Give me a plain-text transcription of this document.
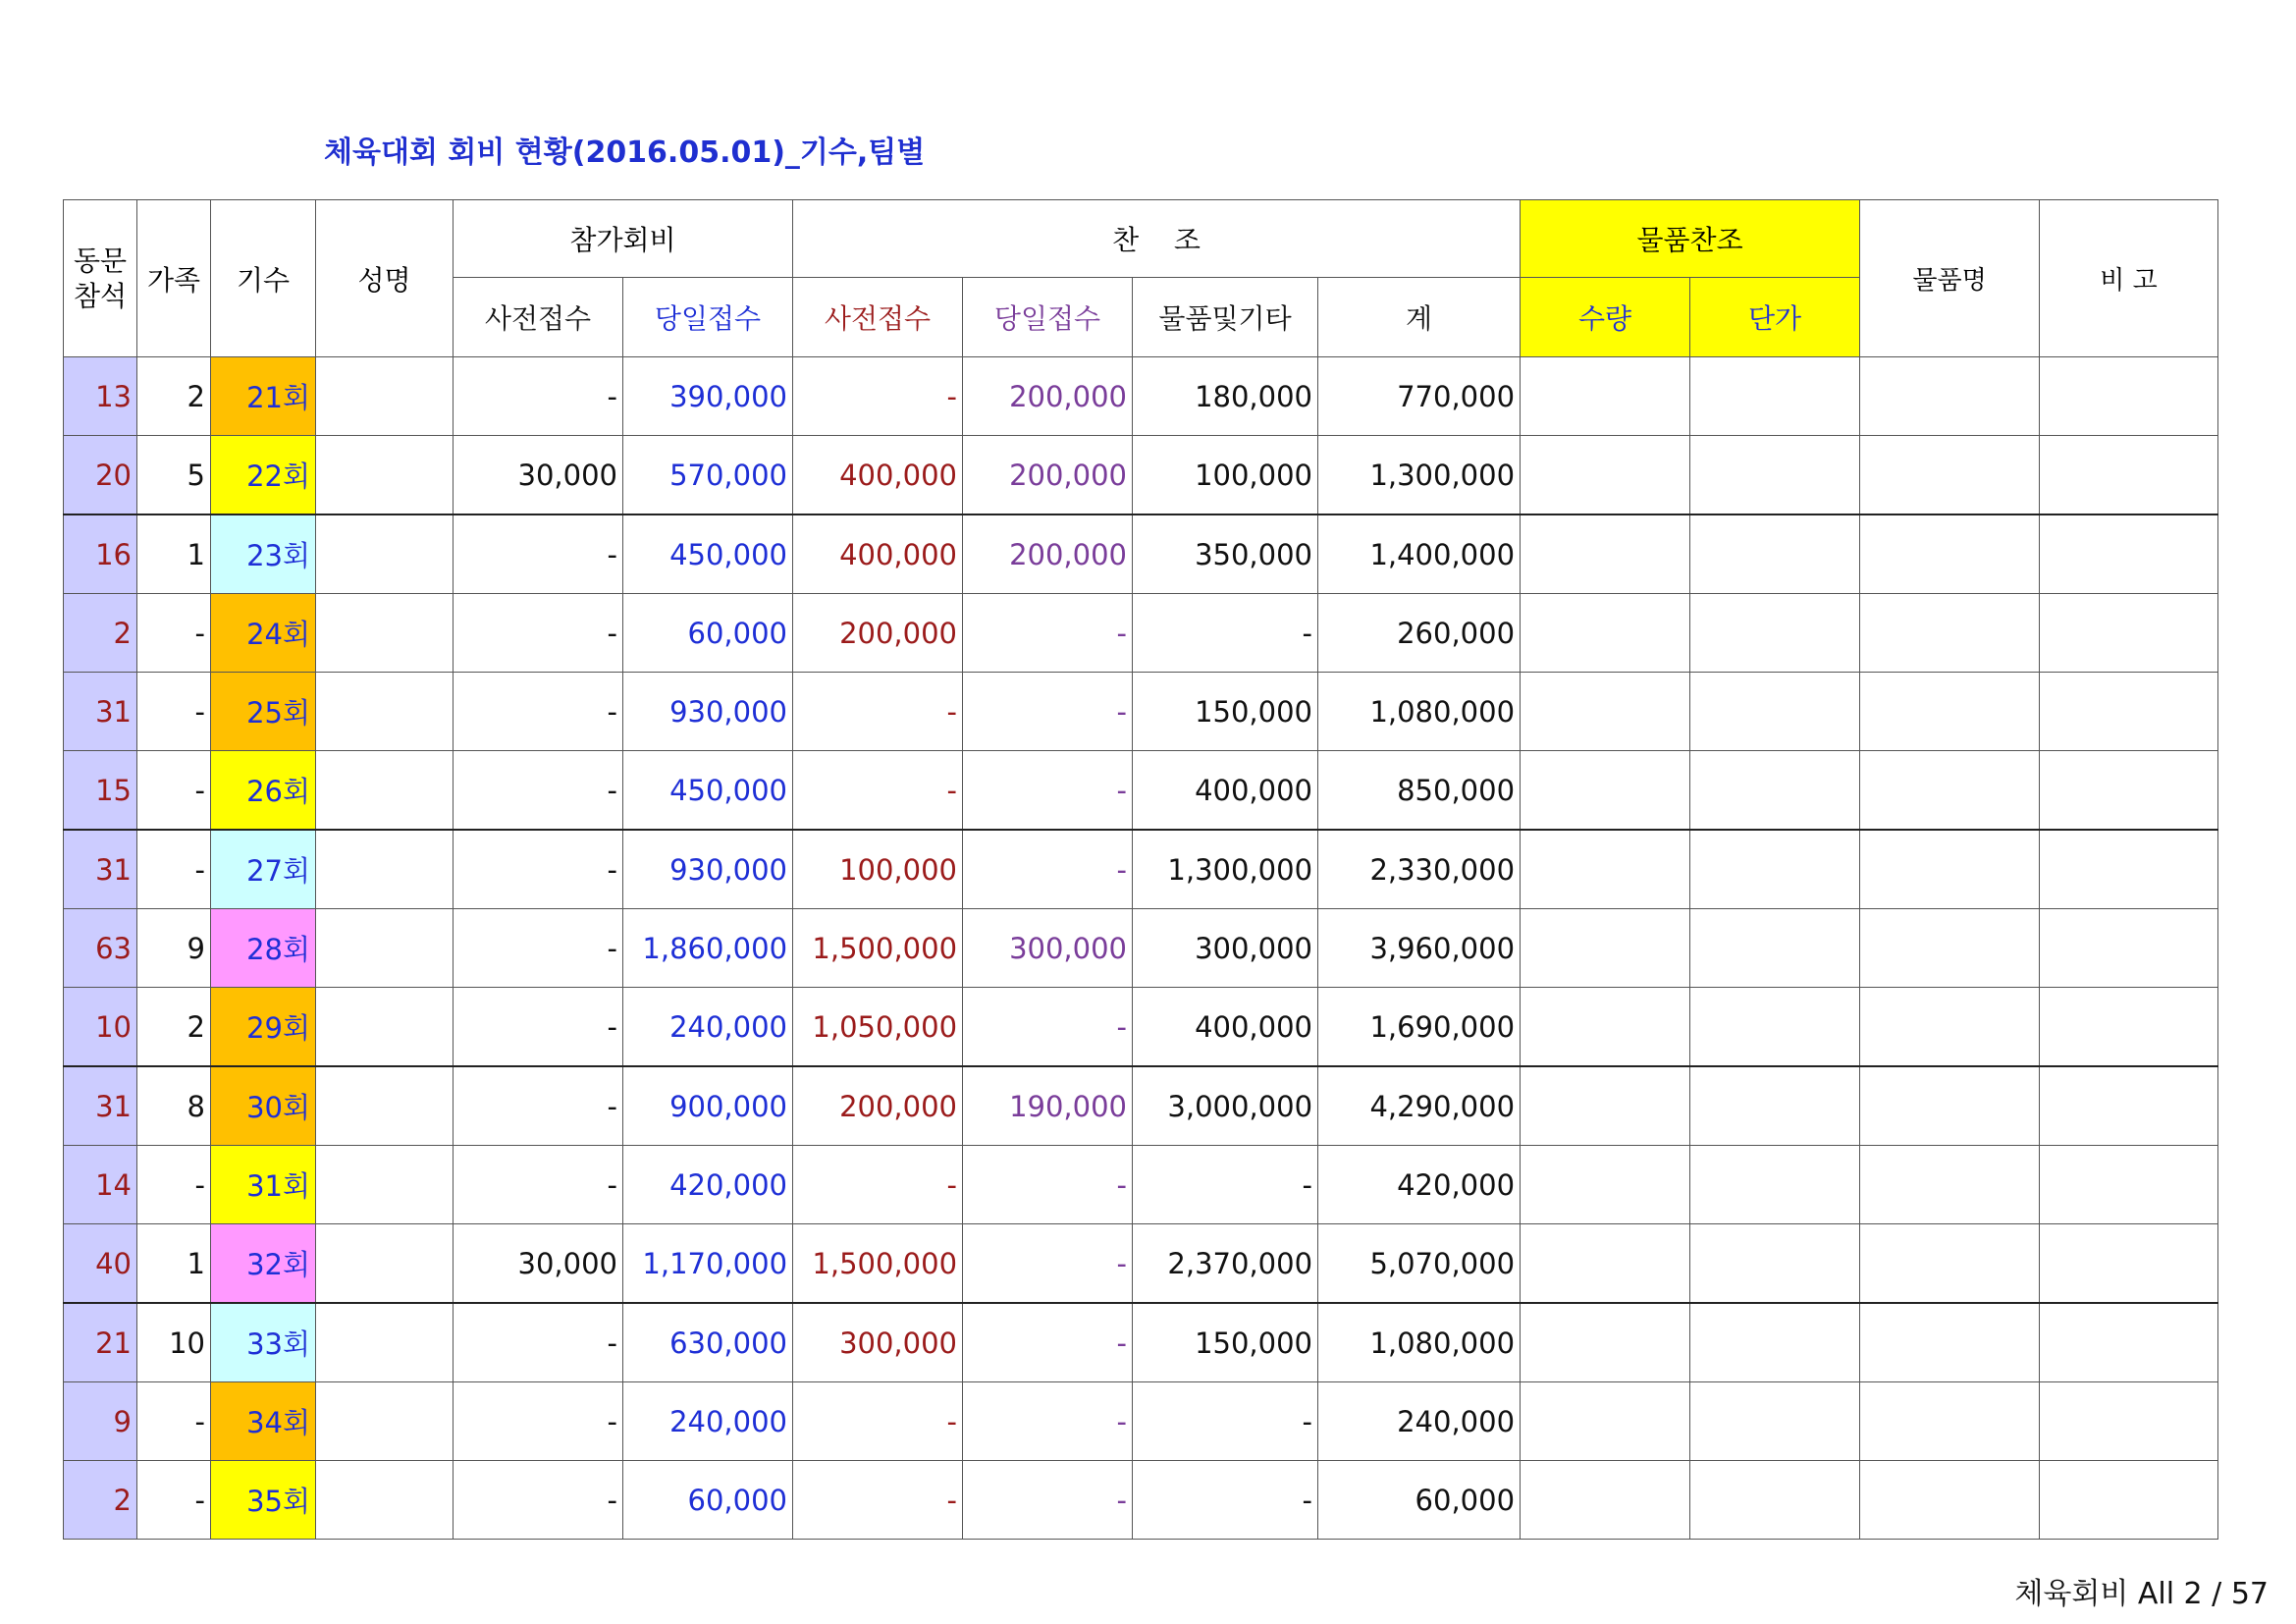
체육대회 회비 현황(2016.05.01)_기수,팀별
동문
참석	가족	기수	성명	참가회비		찬    조				물품찬조		물품명	비 고
				사전접수	당일접수	사전접수	당일접수	물품및기타	계	수량	단가		
13	2	21회		-	390,000	-	200,000	180,000	770,000				
20	5	22회		30,000	570,000	400,000	200,000	100,000	1,300,000				
16	1	23회		-	450,000	400,000	200,000	350,000	1,400,000				
2	-	24회		-	60,000	200,000	-	-	260,000				
31	-	25회		-	930,000	-	-	150,000	1,080,000				
15	-	26회		-	450,000	-	-	400,000	850,000				
31	-	27회		-	930,000	100,000	-	1,300,000	2,330,000				
63	9	28회		-	1,860,000	1,500,000	300,000	300,000	3,960,000				
10	2	29회		-	240,000	1,050,000	-	400,000	1,690,000				
31	8	30회		-	900,000	200,000	190,000	3,000,000	4,290,000				
14	-	31회		-	420,000	-	-	-	420,000				
40	1	32회		30,000	1,170,000	1,500,000	-	2,370,000	5,070,000				
21	10	33회		-	630,000	300,000	-	150,000	1,080,000				
9	-	34회		-	240,000	-	-	-	240,000				
2	-	35회		-	60,000	-	-	-	60,000				
체육회비 All 2 / 57
